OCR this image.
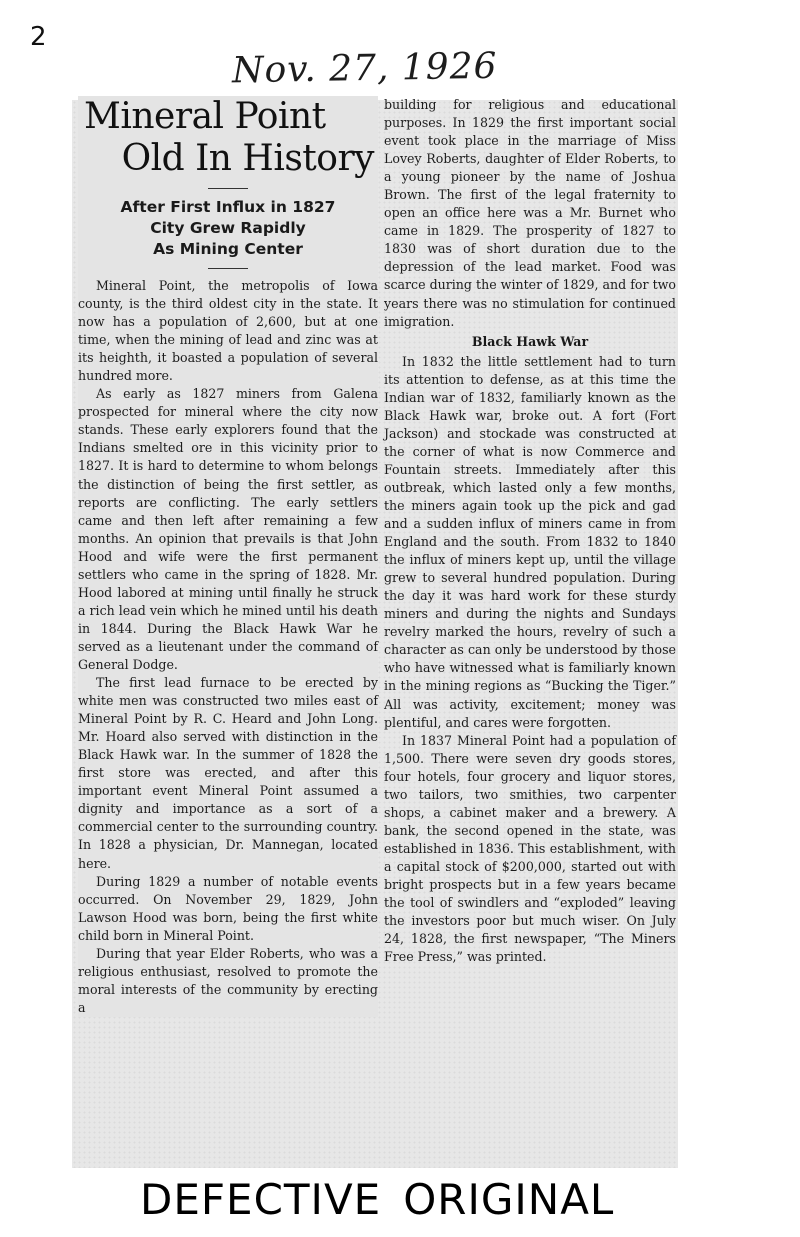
2
Nov. 27, 1926
Mineral Point
Old In History
After First Influx in 1827
City Grew Rapidly
As Mining Center

Mineral Point, the metropolis of Iowa county, is the third oldest city in the state. It now has a population of 2,600, but at one time, when the mining of lead and zinc was at its heighth, it boasted a population of several hundred more.

As early as 1827 miners from Galena prospected for mineral where the city now stands. These early explorers found that the Indians smelted ore in this vicinity prior to 1827. It is hard to determine to whom belongs the distinction of being the first settler, as reports are conflicting. The early settlers came and then left after remaining a few months. An opinion that prevails is that John Hood and wife were the first permanent settlers who came in the spring of 1828. Mr. Hood labored at mining until finally he struck a rich lead vein which he mined until his death in 1844. During the Black Hawk War he served as a lieutenant under the command of General Dodge.

The first lead furnace to be erected by white men was constructed two miles east of Mineral Point by R. C. Heard and John Long. Mr. Hoard also served with distinction in the Black Hawk war. In the summer of 1828 the first store was erected, and after this important event Mineral Point assumed a dignity and importance as a sort of a commercial center to the surrounding country. In 1828 a physician, Dr. Mannegan, located here.

During 1829 a number of notable events occurred. On November 29, 1829, John Lawson Hood was born, being the first white child born in Mineral Point.

During that year Elder Roberts, who was a religious enthusiast, resolved to promote the moral interests of the community by erecting a

building for religious and educational purposes. In 1829 the first important social event took place in the marriage of Miss Lovey Roberts, daughter of Elder Roberts, to a young pioneer by the name of Joshua Brown. The first of the legal fraternity to open an office here was a Mr. Burnet who came in 1829. The prosperity of 1827 to 1830 was of short duration due to the depression of the lead market. Food was scarce during the winter of 1829, and for two years there was no stimulation for continued imigration.

Black Hawk War

In 1832 the little settlement had to turn its attention to defense, as at this time the Indian war of 1832, familiarly known as the Black Hawk war, broke out. A fort (Fort Jackson) and stockade was constructed at the corner of what is now Commerce and Fountain streets. Immediately after this outbreak, which lasted only a few months, the miners again took up the pick and gad and a sudden influx of miners came in from England and the south. From 1832 to 1840 the influx of miners kept up, until the village grew to several hundred population. During the day it was hard work for these sturdy miners and during the nights and Sundays revelry marked the hours, revelry of such a character as can only be understood by those who have witnessed what is familiarly known in the mining regions as “Bucking the Tiger.” All was activity, excitement; money was plentiful, and cares were forgotten.

In 1837 Mineral Point had a population of 1,500. There were seven dry goods stores, four hotels, four grocery and liquor stores, two tailors, two smithies, two carpenter shops, a cabinet maker and a brewery. A bank, the second opened in the state, was established in 1836. This establishment, with a capital stock of $200,000, started out with bright prospects but in a few years became the tool of swindlers and “exploded” leaving the investors poor but much wiser. On July 24, 1828, the first newspaper, “The Miners Free Press,” was printed.

DEFECTIVE ORIGINAL
